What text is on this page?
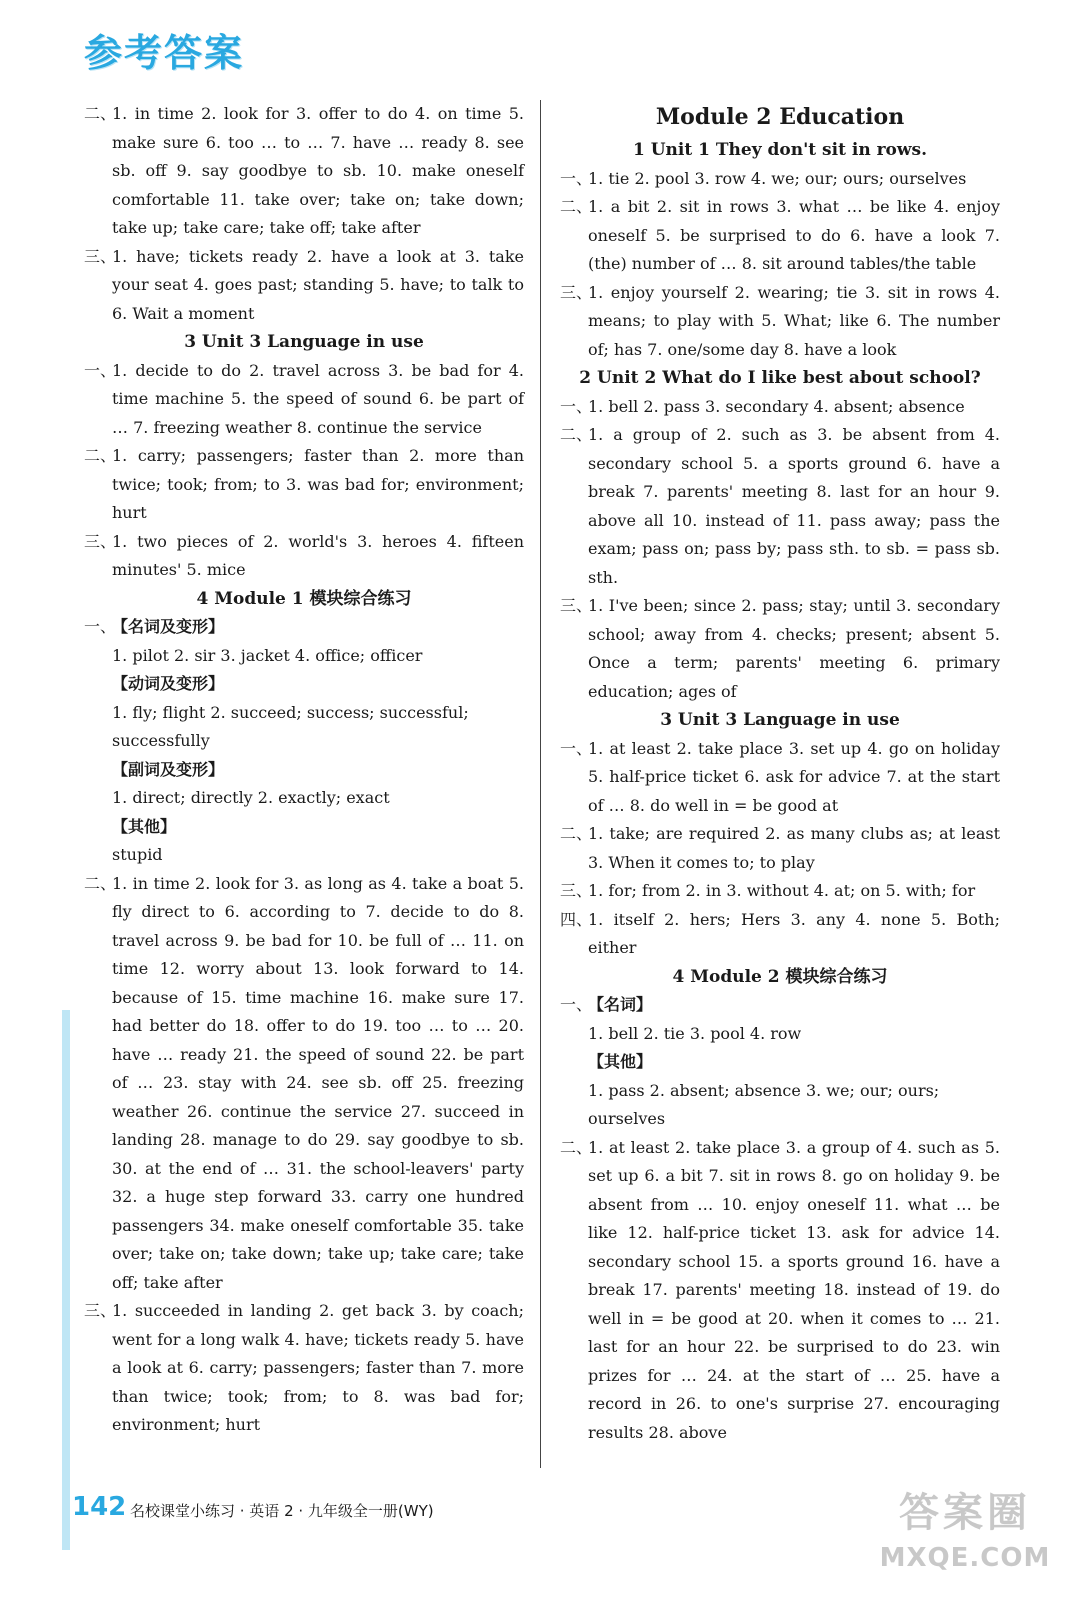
参考答案
二、
1. in time 2. look for 3. offer to do 4. on time 5. make sure 6. too … to … 7. have … ready 8. see sb. off 9. say goodbye to sb. 10. make oneself comfortable 11. take over; take on; take down; take up; take care; take off; take after
三、
1. have; tickets ready 2. have a look at 3. take your seat 4. goes past; standing 5. have; to talk to 6. Wait a moment

3 Unit 3 Language in use

一、
1. decide to do 2. travel across 3. be bad for 4. time machine 5. the speed of sound 6. be part of … 7. freezing weather 8. continue the service
二、
1. carry; passengers; faster than 2. more than twice; took; from; to 3. was bad for; environment; hurt
三、
1. two pieces of 2. world's 3. heroes 4. fifteen minutes' 5. mice

4 Module 1 模块综合练习

一、
【名词及变形】

1. pilot 2. sir 3. jacket 4. office; officer

【动词及变形】

1. fly; flight 2. succeed; success; successful; successfully

【副词及变形】

1. direct; directly 2. exactly; exact

【其他】

stupid

二、
1. in time 2. look for 3. as long as 4. take a boat 5. fly direct to 6. according to 7. decide to do 8. travel across 9. be bad for 10. be full of … 11. on time 12. worry about 13. look forward to 14. because of 15. time machine 16. make sure 17. had better do 18. offer to do 19. too … to … 20. have … ready 21. the speed of sound 22. be part of … 23. stay with 24. see sb. off 25. freezing weather 26. continue the service 27. succeed in landing 28. manage to do 29. say goodbye to sb. 30. at the end of … 31. the school-leavers' party 32. a huge step forward 33. carry one hundred passengers 34. make oneself comfortable 35. take over; take on; take down; take up; take care; take off; take after
三、
1. succeeded in landing 2. get back 3. by coach; went for a long walk 4. have; tickets ready 5. have a look at 6. carry; passengers; faster than 7. more than twice; took; from; to 8. was bad for; environment; hurt

Module 2 Education

1 Unit 1 They don't sit in rows.

一、
1. tie 2. pool 3. row 4. we; our; ours; ourselves
二、
1. a bit 2. sit in rows 3. what … be like 4. enjoy oneself 5. be surprised to do 6. have a look 7. (the) number of … 8. sit around tables/the table
三、
1. enjoy yourself 2. wearing; tie 3. sit in rows 4. means; to play with 5. What; like 6. The number of; has 7. one/some day 8. have a look

2 Unit 2 What do I like best about school?

一、
1. bell 2. pass 3. secondary 4. absent; absence
二、
1. a group of 2. such as 3. be absent from 4. secondary school 5. a sports ground 6. have a break 7. parents' meeting 8. last for an hour 9. above all 10. instead of 11. pass away; pass the exam; pass on; pass by; pass sth. to sb. = pass sb. sth.
三、
1. I've been; since 2. pass; stay; until 3. secondary school; away from 4. checks; present; absent 5. Once a term; parents' meeting 6. primary education; ages of

3 Unit 3 Language in use

一、
1. at least 2. take place 3. set up 4. go on holiday 5. half-price ticket 6. ask for advice 7. at the start of … 8. do well in = be good at
二、
1. take; are required 2. as many clubs as; at least 3. When it comes to; to play
三、
1. for; from 2. in 3. without 4. at; on 5. with; for
四、
1. itself 2. hers; Hers 3. any 4. none 5. Both; either

4 Module 2 模块综合练习

一、
【名词】

1. bell 2. tie 3. pool 4. row

【其他】

1. pass 2. absent; absence 3. we; our; ours; ourselves

二、
1. at least 2. take place 3. a group of 4. such as 5. set up 6. a bit 7. sit in rows 8. go on holiday 9. be absent from … 10. enjoy oneself 11. what … be like 12. half-price ticket 13. ask for advice 14. secondary school 15. a sports ground 16. have a break 17. parents' meeting 18. instead of 19. do well in = be good at 20. when it comes to … 21. last for an hour 22. be surprised to do 23. win prizes for … 24. at the start of … 25. have a record in 26. to one's surprise 27. encouraging results 28. above
142 名校课堂小练习 · 英语 2 · 九年级全一册(WY)	答案圈
MXQE.COM
